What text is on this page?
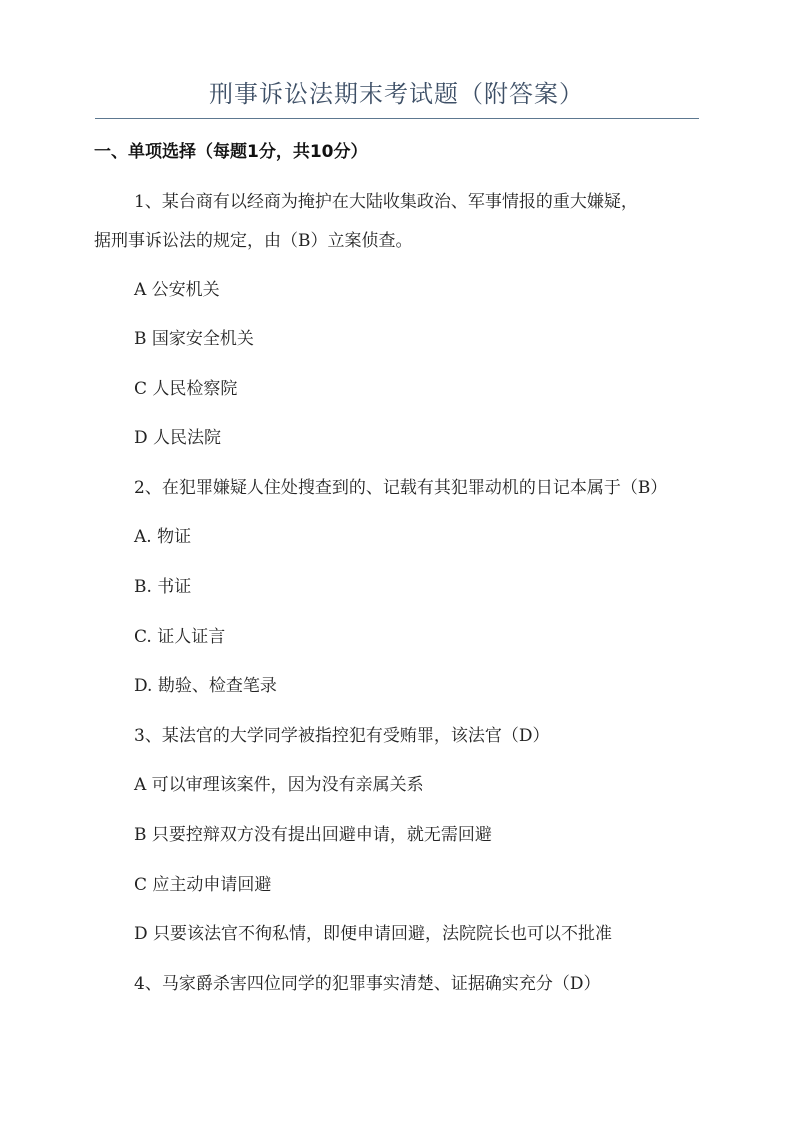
刑事诉讼法期末考试题（附答案）
一、单项选择（每题1分，共10分）
1、某台商有以经商为掩护在大陆收集政治、军事情报的重大嫌疑，
据刑事诉讼法的规定，由（B）立案侦查。
A 公安机关
B 国家安全机关
C 人民检察院
D 人民法院
2、在犯罪嫌疑人住处搜查到的、记载有其犯罪动机的日记本属于（B）
A. 物证
B. 书证
C. 证人证言
D. 勘验、检查笔录
3、某法官的大学同学被指控犯有受贿罪，该法官（D）
A 可以审理该案件，因为没有亲属关系
B 只要控辩双方没有提出回避申请，就无需回避
C 应主动申请回避
D 只要该法官不徇私情，即便申请回避，法院院长也可以不批准
4、马家爵杀害四位同学的犯罪事实清楚、证据确实充分（D）
